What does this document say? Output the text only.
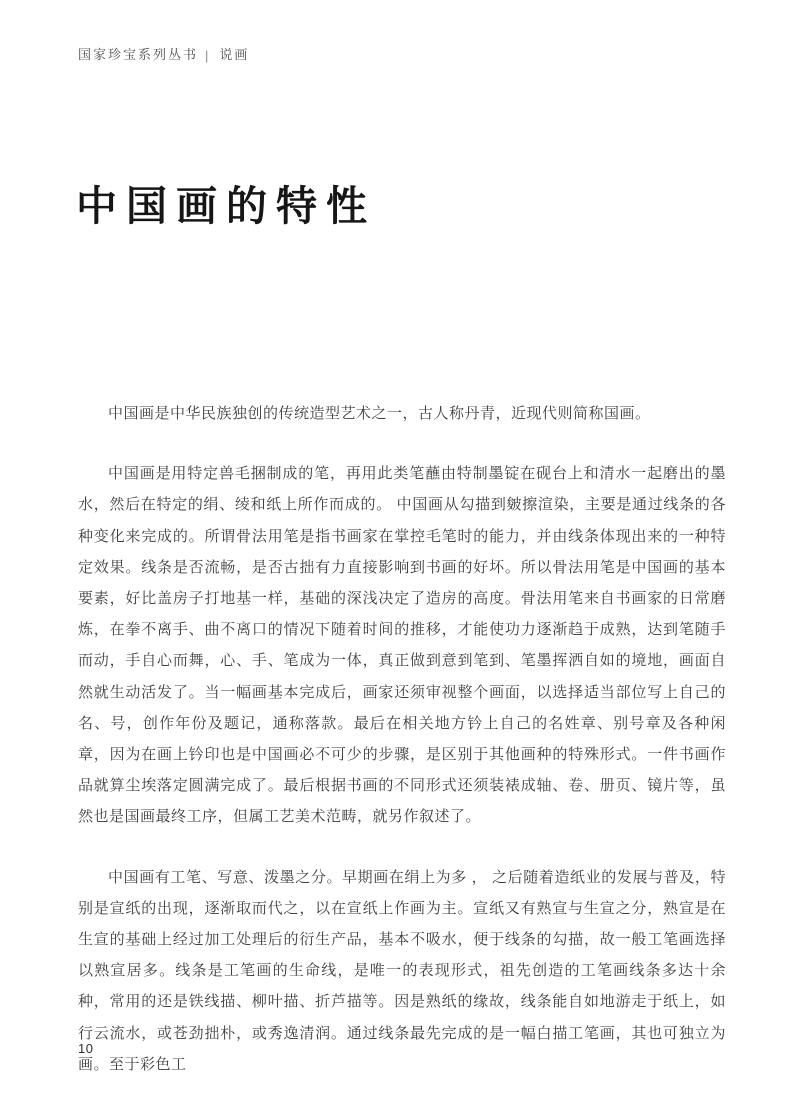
国家珍宝系列丛书 | 说画
中国画的特性

中国画是中华民族独创的传统造型艺术之一，古人称丹青，近现代则简称国画。

中国画是用特定兽毛捆制成的笔，再用此类笔蘸由特制墨锭在砚台上和清水一起磨出的墨水，然后在特定的绢、绫和纸上所作而成的。 中国画从勾描到皴擦渲染，主要是通过线条的各种变化来完成的。所谓骨法用笔是指书画家在掌控毛笔时的能力，并由线条体现出来的一种特定效果。线条是否流畅，是否古拙有力直接影响到书画的好坏。所以骨法用笔是中国画的基本要素，好比盖房子打地基一样，基础的深浅决定了造房的高度。骨法用笔来自书画家的日常磨炼，在拳不离手、曲不离口的情况下随着时间的推移，才能使功力逐渐趋于成熟，达到笔随手而动，手自心而舞，心、手、笔成为一体，真正做到意到笔到、笔墨挥洒自如的境地，画面自然就生动活发了。当一幅画基本完成后，画家还须审视整个画面，以选择适当部位写上自己的名、号，创作年份及题记，通称落款。最后在相关地方钤上自己的名姓章、别号章及各种闲章，因为在画上钤印也是中国画必不可少的步骤，是区别于其他画种的特殊形式。一件书画作品就算尘埃落定圆满完成了。最后根据书画的不同形式还须装裱成轴、卷、册页、镜片等，虽然也是国画最终工序，但属工艺美术范畴，就另作叙述了。

中国画有工笔、写意、泼墨之分。早期画在绢上为多 ， 之后随着造纸业的发展与普及，特别是宣纸的出现，逐渐取而代之，以在宣纸上作画为主。宣纸又有熟宣与生宣之分，熟宣是在生宣的基础上经过加工处理后的衍生产品，基本不吸水，便于线条的勾描，故一般工笔画选择以熟宣居多。线条是工笔画的生命线，是唯一的表现形式，祖先创造的工笔画线条多达十余种，常用的还是铁线描、柳叶描、折芦描等。因是熟纸的缘故，线条能自如地游走于纸上，如行云流水，或苍劲拙朴，或秀逸清润。通过线条最先完成的是一幅白描工笔画，其也可独立为画。至于彩色工

10
